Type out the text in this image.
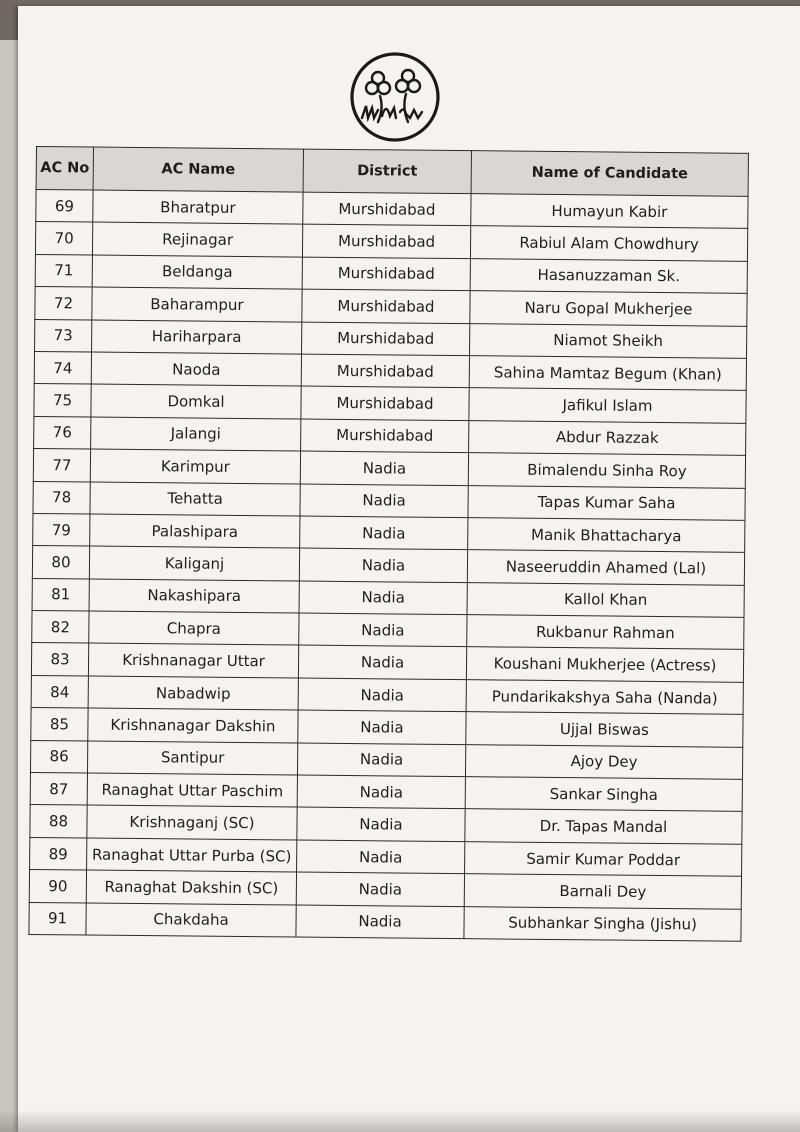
AC No	AC Name	District	Name of Candidate
69	Bharatpur	Murshidabad	Humayun Kabir
70	Rejinagar	Murshidabad	Rabiul Alam Chowdhury
71	Beldanga	Murshidabad	Hasanuzzaman Sk.
72	Baharampur	Murshidabad	Naru Gopal Mukherjee
73	Hariharpara	Murshidabad	Niamot Sheikh
74	Naoda	Murshidabad	Sahina Mamtaz Begum (Khan)
75	Domkal	Murshidabad	Jafikul Islam
76	Jalangi	Murshidabad	Abdur Razzak
77	Karimpur	Nadia	Bimalendu Sinha Roy
78	Tehatta	Nadia	Tapas Kumar Saha
79	Palashipara	Nadia	Manik Bhattacharya
80	Kaliganj	Nadia	Naseeruddin Ahamed (Lal)
81	Nakashipara	Nadia	Kallol Khan
82	Chapra	Nadia	Rukbanur Rahman
83	Krishnanagar Uttar	Nadia	Koushani Mukherjee (Actress)
84	Nabadwip	Nadia	Pundarikakshya Saha (Nanda)
85	Krishnanagar Dakshin	Nadia	Ujjal Biswas
86	Santipur	Nadia	Ajoy Dey
87	Ranaghat Uttar Paschim	Nadia	Sankar Singha
88	Krishnaganj (SC)	Nadia	Dr. Tapas Mandal
89	Ranaghat Uttar Purba (SC)	Nadia	Samir Kumar Poddar
90	Ranaghat Dakshin (SC)	Nadia	Barnali Dey
91	Chakdaha	Nadia	Subhankar Singha (Jishu)
